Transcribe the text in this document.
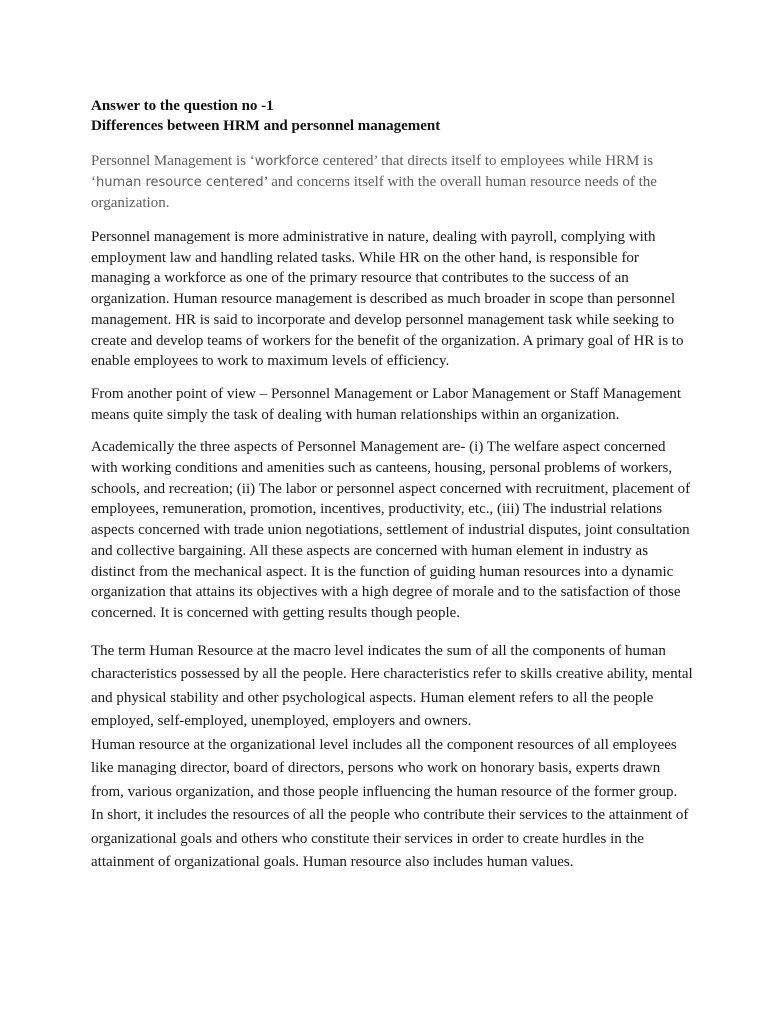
Answer to the question no -1

Differences between HRM and personnel management

Personnel Management is ‘workforce centered’ that directs itself to employees while HRM is ‘human resource centered’ and concerns itself with the overall human resource needs of the organization.

Personnel management is more administrative in nature, dealing with payroll, complying with employment law and handling related tasks. While HR on the other hand, is responsible for managing a workforce as one of the primary resource that contributes to the success of an organization. Human resource management is described as much broader in scope than personnel management. HR is said to incorporate and develop personnel management task while seeking to create and develop teams of workers for the benefit of the organization. A primary goal of HR is to enable employees to work to maximum levels of efficiency.

From another point of view – Personnel Management or Labor Management or Staff Management means quite simply the task of dealing with human relationships within an organization.

Academically the three aspects of Personnel Management are- (i) The welfare aspect concerned with working conditions and amenities such as canteens, housing, personal problems of workers, schools, and recreation; (ii) The labor or personnel aspect concerned with recruitment, placement of employees, remuneration, promotion, incentives, productivity, etc., (iii) The industrial relations aspects concerned with trade union negotiations, settlement of industrial disputes, joint consultation and collective bargaining. All these aspects are concerned with human element in industry as distinct from the mechanical aspect. It is the function of guiding human resources into a dynamic organization that attains its objectives with a high degree of morale and to the satisfaction of those concerned. It is concerned with getting results though people.

The term Human Resource at the macro level indicates the sum of all the components of human characteristics possessed by all the people. Here characteristics refer to skills creative ability, mental and physical stability and other psychological aspects. Human element refers to all the people employed, self-employed, unemployed, employers and owners.

Human resource at the organizational level includes all the component resources of all employees like managing director, board of directors, persons who work on honorary basis, experts drawn from, various organization, and those people influencing the human resource of the former group. In short, it includes the resources of all the people who contribute their services to the attainment of organizational goals and others who constitute their services in order to create hurdles in the attainment of organizational goals. Human resource also includes human values.
